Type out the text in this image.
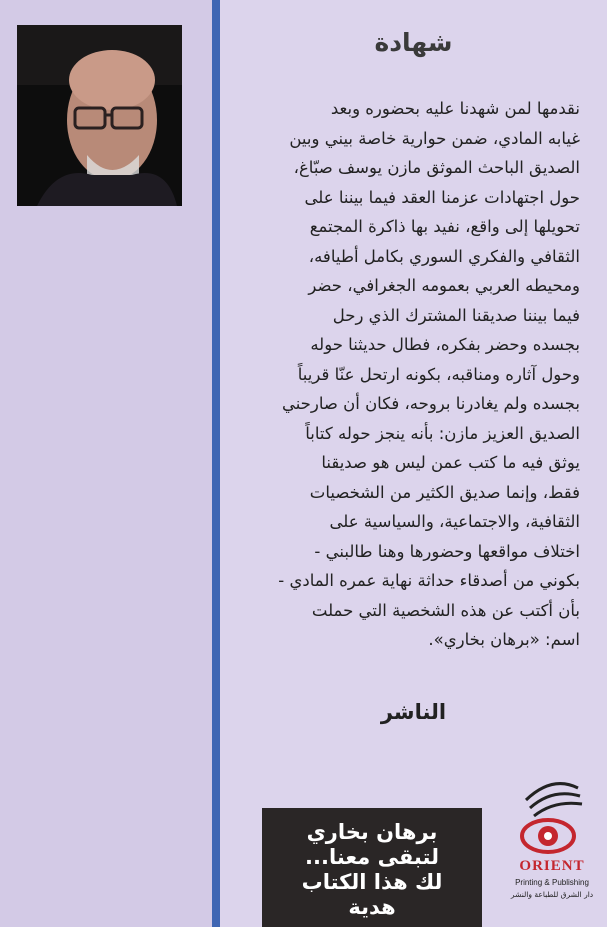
شهادة
نقدمها لمن شهدنا عليه بحضوره وبعد
غيابه المادي، ضمن حوارية خاصة بيني وبين
الصديق الباحث الموثق مازن يوسف صبّاغ،
حول اجتهادات عزمنا العقد فيما بيننا على
تحويلها إلى واقع، نفيد بها ذاكرة المجتمع
الثقافي والفكري السوري بكامل أطيافه،
ومحيطه العربي بعمومه الجغرافي، حضر
فيما بيننا صديقنا المشترك الذي رحل
بجسده وحضر بفكره، فطال حديثنا حوله
وحول آثاره ومناقبه، بكونه ارتحل عنّا قريباً
بجسده ولم يغادرنا بروحه، فكان أن صارحني
الصديق العزيز مازن: بأنه ينجز حوله كتاباً
يوثق فيه ما كتب عمن ليس هو صديقنا
فقط، وإنما صديق الكثير من الشخصيات
الثقافية، والاجتماعية، والسياسية على
اختلاف مواقعها وحضورها وهنا طالبني -
بكوني من أصدقاء حداثة نهاية عمره المادي -
بأن أكتب عن هذه الشخصية التي حملت
اسم: «برهان بخاري».
الناشر
برهان بخاري
لتبقى معنا...
لك هذا الكتاب
هدية
ORIENT
Printing & Publishing
دار الشرق للطباعة والنشر
